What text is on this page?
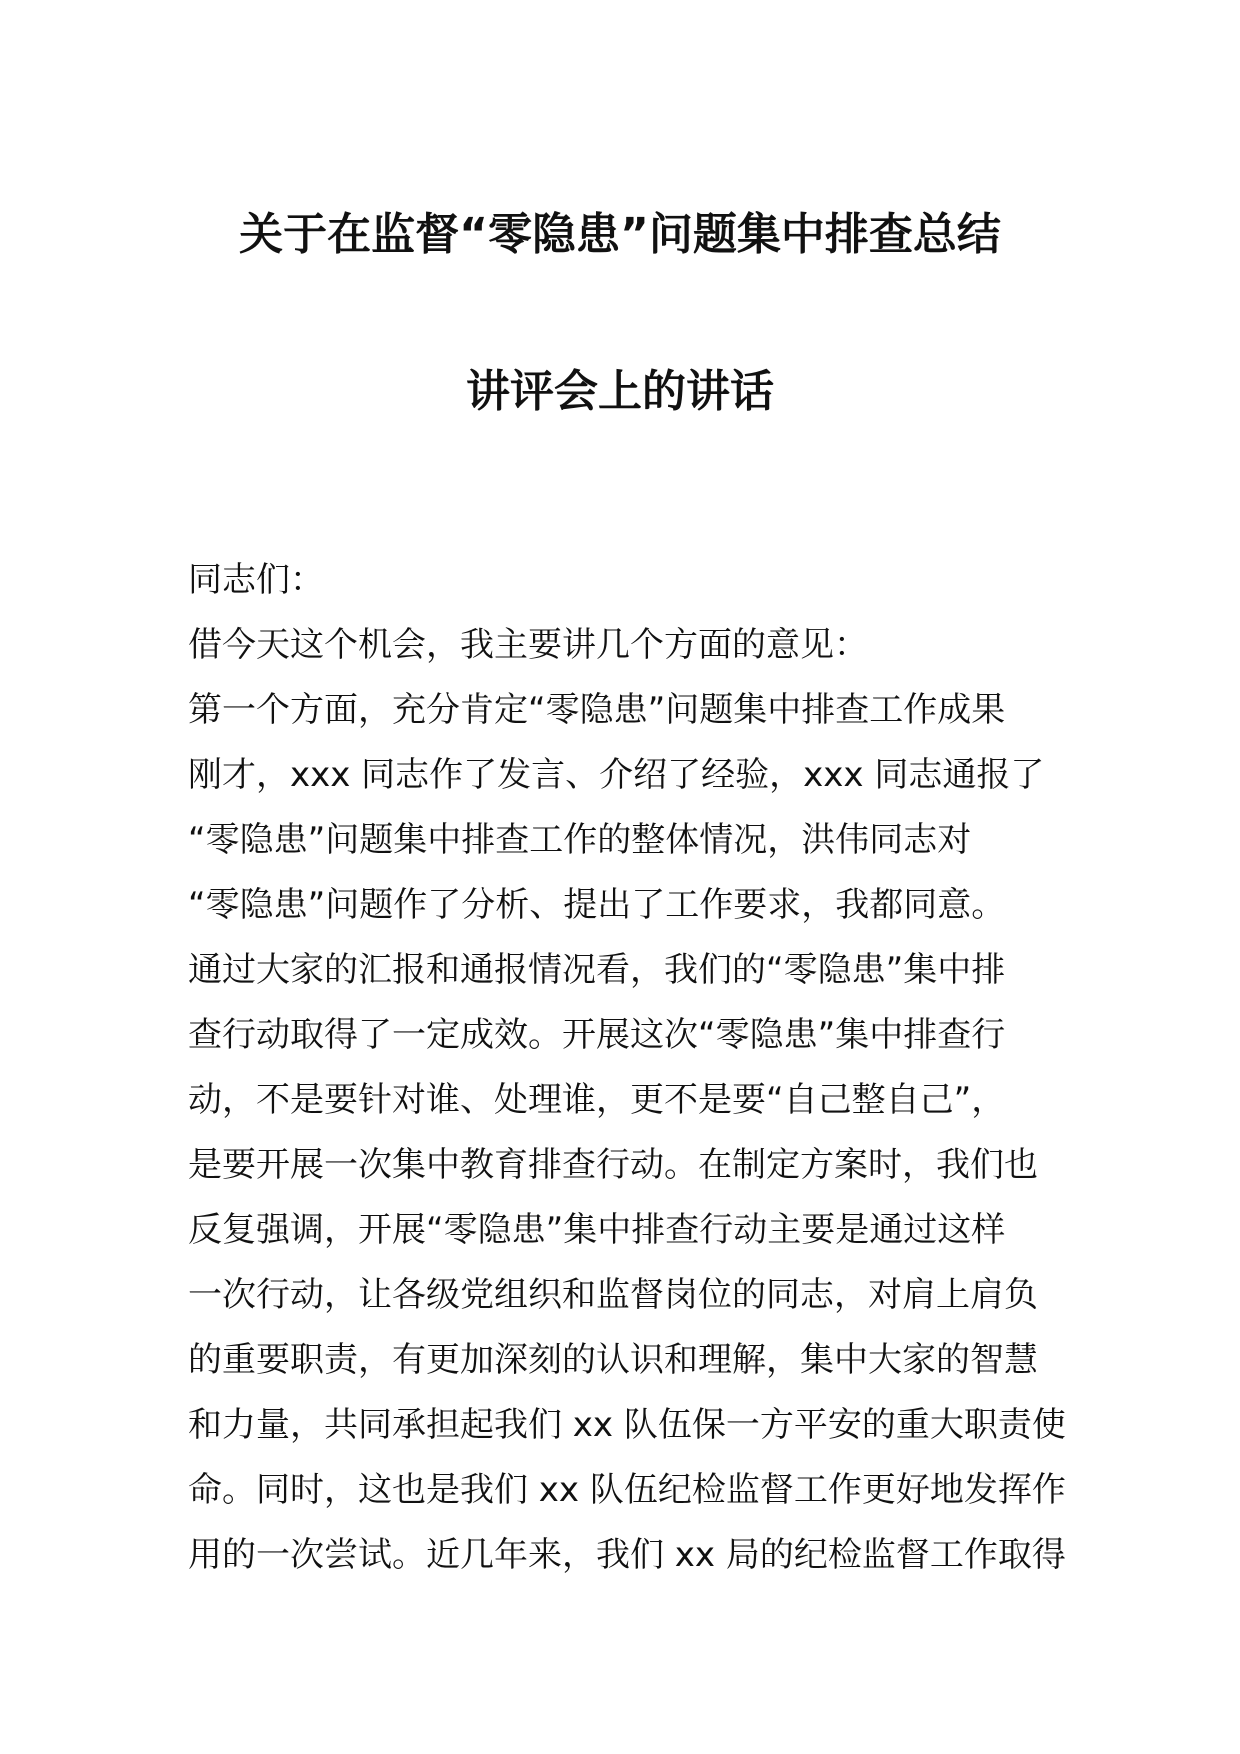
关于在监督“零隐患”问题集中排查总结
讲评会上的讲话
同志们：
借今天这个机会，我主要讲几个方面的意见：
第一个方面，充分肯定“零隐患”问题集中排查工作成果
刚才，xxx 同志作了发言、介绍了经验，xxx 同志通报了
“零隐患”问题集中排查工作的整体情况，洪伟同志对
“零隐患”问题作了分析、提出了工作要求，我都同意。
通过大家的汇报和通报情况看，我们的“零隐患”集中排
查行动取得了一定成效。开展这次“零隐患”集中排查行
动，不是要针对谁、处理谁，更不是要“自己整自己”，
是要开展一次集中教育排查行动。在制定方案时，我们也
反复强调，开展“零隐患”集中排查行动主要是通过这样
一次行动，让各级党组织和监督岗位的同志，对肩上肩负
的重要职责，有更加深刻的认识和理解，集中大家的智慧
和力量，共同承担起我们 xx 队伍保一方平安的重大职责使
命。同时，这也是我们 xx 队伍纪检监督工作更好地发挥作
用的一次尝试。近几年来，我们 xx 局的纪检监督工作取得
